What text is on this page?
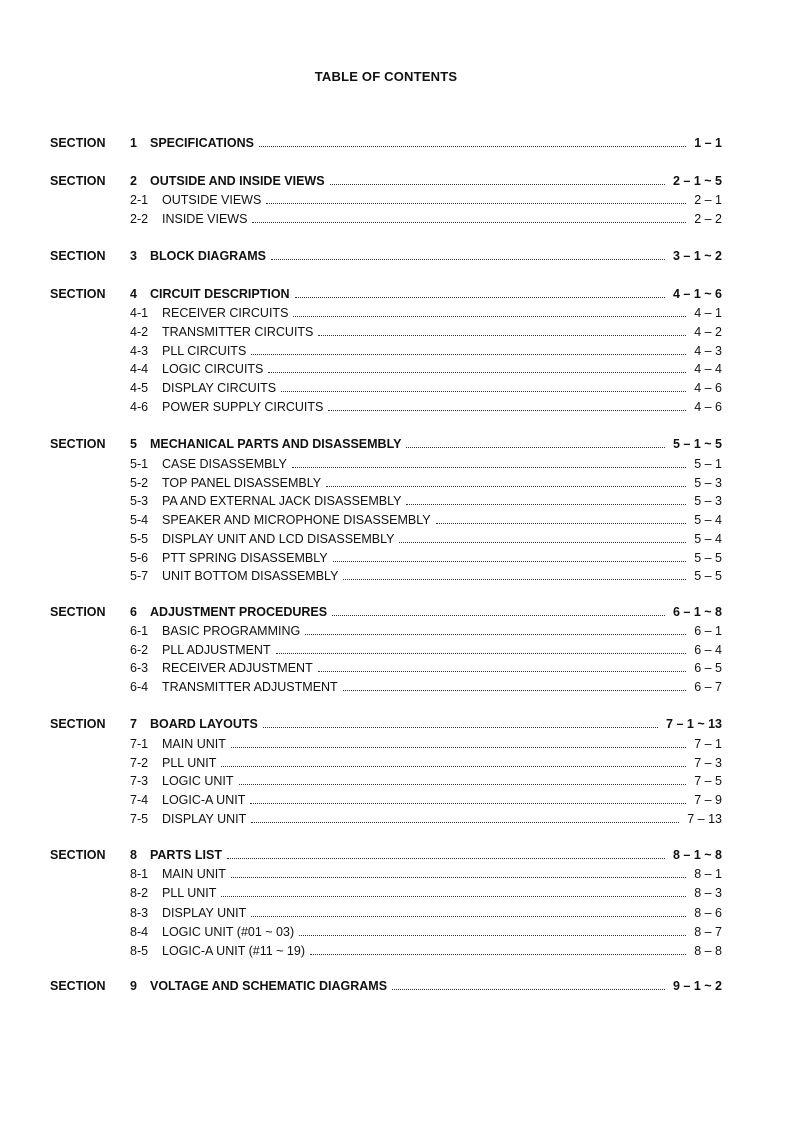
TABLE OF CONTENTS
SECTION 1 SPECIFICATIONS	1 – 1
SECTION 2 OUTSIDE AND INSIDE VIEWS	2 – 1 ~ 5
2-1 OUTSIDE VIEWS	2 – 1
2-2 INSIDE VIEWS	2 – 2
SECTION 3 BLOCK DIAGRAMS	3 – 1 ~ 2
SECTION 4 CIRCUIT DESCRIPTION	4 – 1 ~ 6
4-1 RECEIVER CIRCUITS	4 – 1
4-2 TRANSMITTER CIRCUITS	4 – 2
4-3 PLL CIRCUITS	4 – 3
4-4 LOGIC CIRCUITS	4 – 4
4-5 DISPLAY CIRCUITS	4 – 6
4-6 POWER SUPPLY CIRCUITS	4 – 6
SECTION 5 MECHANICAL PARTS AND DISASSEMBLY	5 – 1 ~ 5
5-1 CASE DISASSEMBLY	5 – 1
5-2 TOP PANEL DISASSEMBLY	5 – 3
5-3 PA AND EXTERNAL JACK DISASSEMBLY	5 – 3
5-4 SPEAKER AND MICROPHONE DISASSEMBLY	5 – 4
5-5 DISPLAY UNIT AND LCD DISASSEMBLY	5 – 4
5-6 PTT SPRING DISASSEMBLY	5 – 5
5-7 UNIT BOTTOM DISASSEMBLY	5 – 5
SECTION 6 ADJUSTMENT PROCEDURES	6 – 1 ~ 8
6-1 BASIC PROGRAMMING	6 – 1
6-2 PLL ADJUSTMENT	6 – 4
6-3 RECEIVER ADJUSTMENT	6 – 5
6-4 TRANSMITTER ADJUSTMENT	6 – 7
SECTION 7 BOARD LAYOUTS	7 – 1 ~ 13
7-1 MAIN UNIT	7 – 1
7-2 PLL UNIT	7 – 3
7-3 LOGIC UNIT	7 – 5
7-4 LOGIC-A UNIT	7 – 9
7-5 DISPLAY UNIT	7 – 13
SECTION 8 PARTS LIST	8 – 1 ~ 8
8-1 MAIN UNIT	8 – 1
8-2 PLL UNIT	8 – 3
8-3 DISPLAY UNIT	8 – 6
8-4 LOGIC UNIT (#01 ~ 03)	8 – 7
8-5 LOGIC-A UNIT (#11 ~ 19)	8 – 8
SECTION 9 VOLTAGE AND SCHEMATIC DIAGRAMS	9 – 1 ~ 2
